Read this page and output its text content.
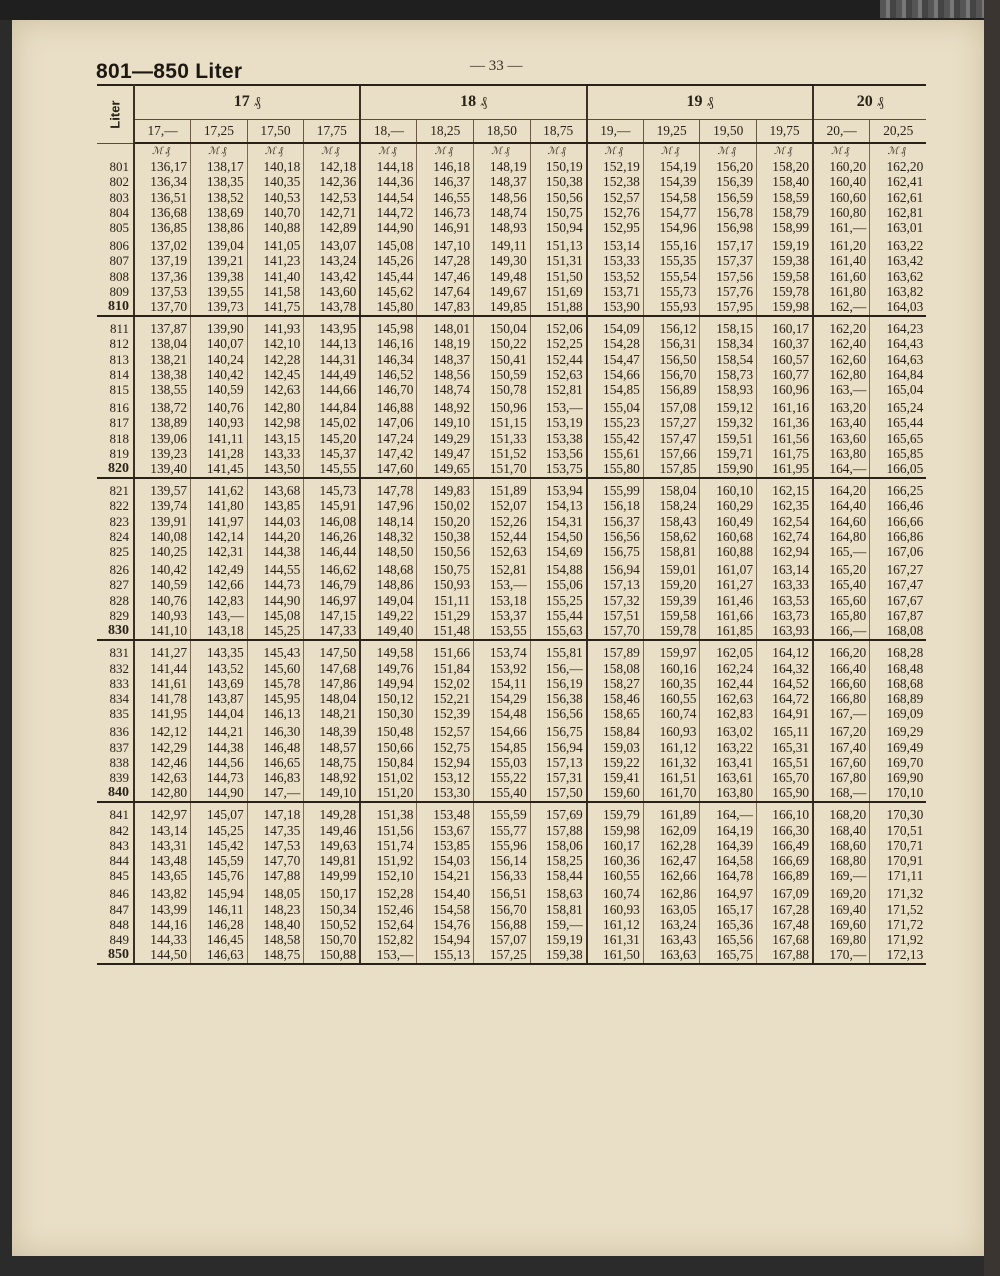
801—850 Liter	— 33 —
Liter	17 ₰				18 ₰				19 ₰				20 ₰	
	17,—	17,25	17,50	17,75	18,—	18,25	18,50	18,75	19,—	19,25	19,50	19,75	20,—	20,25
	ℳ ₰	ℳ ₰	ℳ ₰	ℳ ₰	ℳ ₰	ℳ ₰	ℳ ₰	ℳ ₰	ℳ ₰	ℳ ₰	ℳ ₰	ℳ ₰	ℳ ₰	ℳ ₰
801	136,17	138,17	140,18	142,18	144,18	146,18	148,19	150,19	152,19	154,19	156,20	158,20	160,20	162,20
802	136,34	138,35	140,35	142,36	144,36	146,37	148,37	150,38	152,38	154,39	156,39	158,40	160,40	162,41
803	136,51	138,52	140,53	142,53	144,54	146,55	148,56	150,56	152,57	154,58	156,59	158,59	160,60	162,61
804	136,68	138,69	140,70	142,71	144,72	146,73	148,74	150,75	152,76	154,77	156,78	158,79	160,80	162,81
805	136,85	138,86	140,88	142,89	144,90	146,91	148,93	150,94	152,95	154,96	156,98	158,99	161,—	163,01
806	137,02	139,04	141,05	143,07	145,08	147,10	149,11	151,13	153,14	155,16	157,17	159,19	161,20	163,22
807	137,19	139,21	141,23	143,24	145,26	147,28	149,30	151,31	153,33	155,35	157,37	159,38	161,40	163,42
808	137,36	139,38	141,40	143,42	145,44	147,46	149,48	151,50	153,52	155,54	157,56	159,58	161,60	163,62
809	137,53	139,55	141,58	143,60	145,62	147,64	149,67	151,69	153,71	155,73	157,76	159,78	161,80	163,82
810	137,70	139,73	141,75	143,78	145,80	147,83	149,85	151,88	153,90	155,93	157,95	159,98	162,—	164,03
811	137,87	139,90	141,93	143,95	145,98	148,01	150,04	152,06	154,09	156,12	158,15	160,17	162,20	164,23
812	138,04	140,07	142,10	144,13	146,16	148,19	150,22	152,25	154,28	156,31	158,34	160,37	162,40	164,43
813	138,21	140,24	142,28	144,31	146,34	148,37	150,41	152,44	154,47	156,50	158,54	160,57	162,60	164,63
814	138,38	140,42	142,45	144,49	146,52	148,56	150,59	152,63	154,66	156,70	158,73	160,77	162,80	164,84
815	138,55	140,59	142,63	144,66	146,70	148,74	150,78	152,81	154,85	156,89	158,93	160,96	163,—	165,04
816	138,72	140,76	142,80	144,84	146,88	148,92	150,96	153,—	155,04	157,08	159,12	161,16	163,20	165,24
817	138,89	140,93	142,98	145,02	147,06	149,10	151,15	153,19	155,23	157,27	159,32	161,36	163,40	165,44
818	139,06	141,11	143,15	145,20	147,24	149,29	151,33	153,38	155,42	157,47	159,51	161,56	163,60	165,65
819	139,23	141,28	143,33	145,37	147,42	149,47	151,52	153,56	155,61	157,66	159,71	161,75	163,80	165,85
820	139,40	141,45	143,50	145,55	147,60	149,65	151,70	153,75	155,80	157,85	159,90	161,95	164,—	166,05
821	139,57	141,62	143,68	145,73	147,78	149,83	151,89	153,94	155,99	158,04	160,10	162,15	164,20	166,25
822	139,74	141,80	143,85	145,91	147,96	150,02	152,07	154,13	156,18	158,24	160,29	162,35	164,40	166,46
823	139,91	141,97	144,03	146,08	148,14	150,20	152,26	154,31	156,37	158,43	160,49	162,54	164,60	166,66
824	140,08	142,14	144,20	146,26	148,32	150,38	152,44	154,50	156,56	158,62	160,68	162,74	164,80	166,86
825	140,25	142,31	144,38	146,44	148,50	150,56	152,63	154,69	156,75	158,81	160,88	162,94	165,—	167,06
826	140,42	142,49	144,55	146,62	148,68	150,75	152,81	154,88	156,94	159,01	161,07	163,14	165,20	167,27
827	140,59	142,66	144,73	146,79	148,86	150,93	153,—	155,06	157,13	159,20	161,27	163,33	165,40	167,47
828	140,76	142,83	144,90	146,97	149,04	151,11	153,18	155,25	157,32	159,39	161,46	163,53	165,60	167,67
829	140,93	143,—	145,08	147,15	149,22	151,29	153,37	155,44	157,51	159,58	161,66	163,73	165,80	167,87
830	141,10	143,18	145,25	147,33	149,40	151,48	153,55	155,63	157,70	159,78	161,85	163,93	166,—	168,08
831	141,27	143,35	145,43	147,50	149,58	151,66	153,74	155,81	157,89	159,97	162,05	164,12	166,20	168,28
832	141,44	143,52	145,60	147,68	149,76	151,84	153,92	156,—	158,08	160,16	162,24	164,32	166,40	168,48
833	141,61	143,69	145,78	147,86	149,94	152,02	154,11	156,19	158,27	160,35	162,44	164,52	166,60	168,68
834	141,78	143,87	145,95	148,04	150,12	152,21	154,29	156,38	158,46	160,55	162,63	164,72	166,80	168,89
835	141,95	144,04	146,13	148,21	150,30	152,39	154,48	156,56	158,65	160,74	162,83	164,91	167,—	169,09
836	142,12	144,21	146,30	148,39	150,48	152,57	154,66	156,75	158,84	160,93	163,02	165,11	167,20	169,29
837	142,29	144,38	146,48	148,57	150,66	152,75	154,85	156,94	159,03	161,12	163,22	165,31	167,40	169,49
838	142,46	144,56	146,65	148,75	150,84	152,94	155,03	157,13	159,22	161,32	163,41	165,51	167,60	169,70
839	142,63	144,73	146,83	148,92	151,02	153,12	155,22	157,31	159,41	161,51	163,61	165,70	167,80	169,90
840	142,80	144,90	147,—	149,10	151,20	153,30	155,40	157,50	159,60	161,70	163,80	165,90	168,—	170,10
841	142,97	145,07	147,18	149,28	151,38	153,48	155,59	157,69	159,79	161,89	164,—	166,10	168,20	170,30
842	143,14	145,25	147,35	149,46	151,56	153,67	155,77	157,88	159,98	162,09	164,19	166,30	168,40	170,51
843	143,31	145,42	147,53	149,63	151,74	153,85	155,96	158,06	160,17	162,28	164,39	166,49	168,60	170,71
844	143,48	145,59	147,70	149,81	151,92	154,03	156,14	158,25	160,36	162,47	164,58	166,69	168,80	170,91
845	143,65	145,76	147,88	149,99	152,10	154,21	156,33	158,44	160,55	162,66	164,78	166,89	169,—	171,11
846	143,82	145,94	148,05	150,17	152,28	154,40	156,51	158,63	160,74	162,86	164,97	167,09	169,20	171,32
847	143,99	146,11	148,23	150,34	152,46	154,58	156,70	158,81	160,93	163,05	165,17	167,28	169,40	171,52
848	144,16	146,28	148,40	150,52	152,64	154,76	156,88	159,—	161,12	163,24	165,36	167,48	169,60	171,72
849	144,33	146,45	148,58	150,70	152,82	154,94	157,07	159,19	161,31	163,43	165,56	167,68	169,80	171,92
850	144,50	146,63	148,75	150,88	153,—	155,13	157,25	159,38	161,50	163,63	165,75	167,88	170,—	172,13
